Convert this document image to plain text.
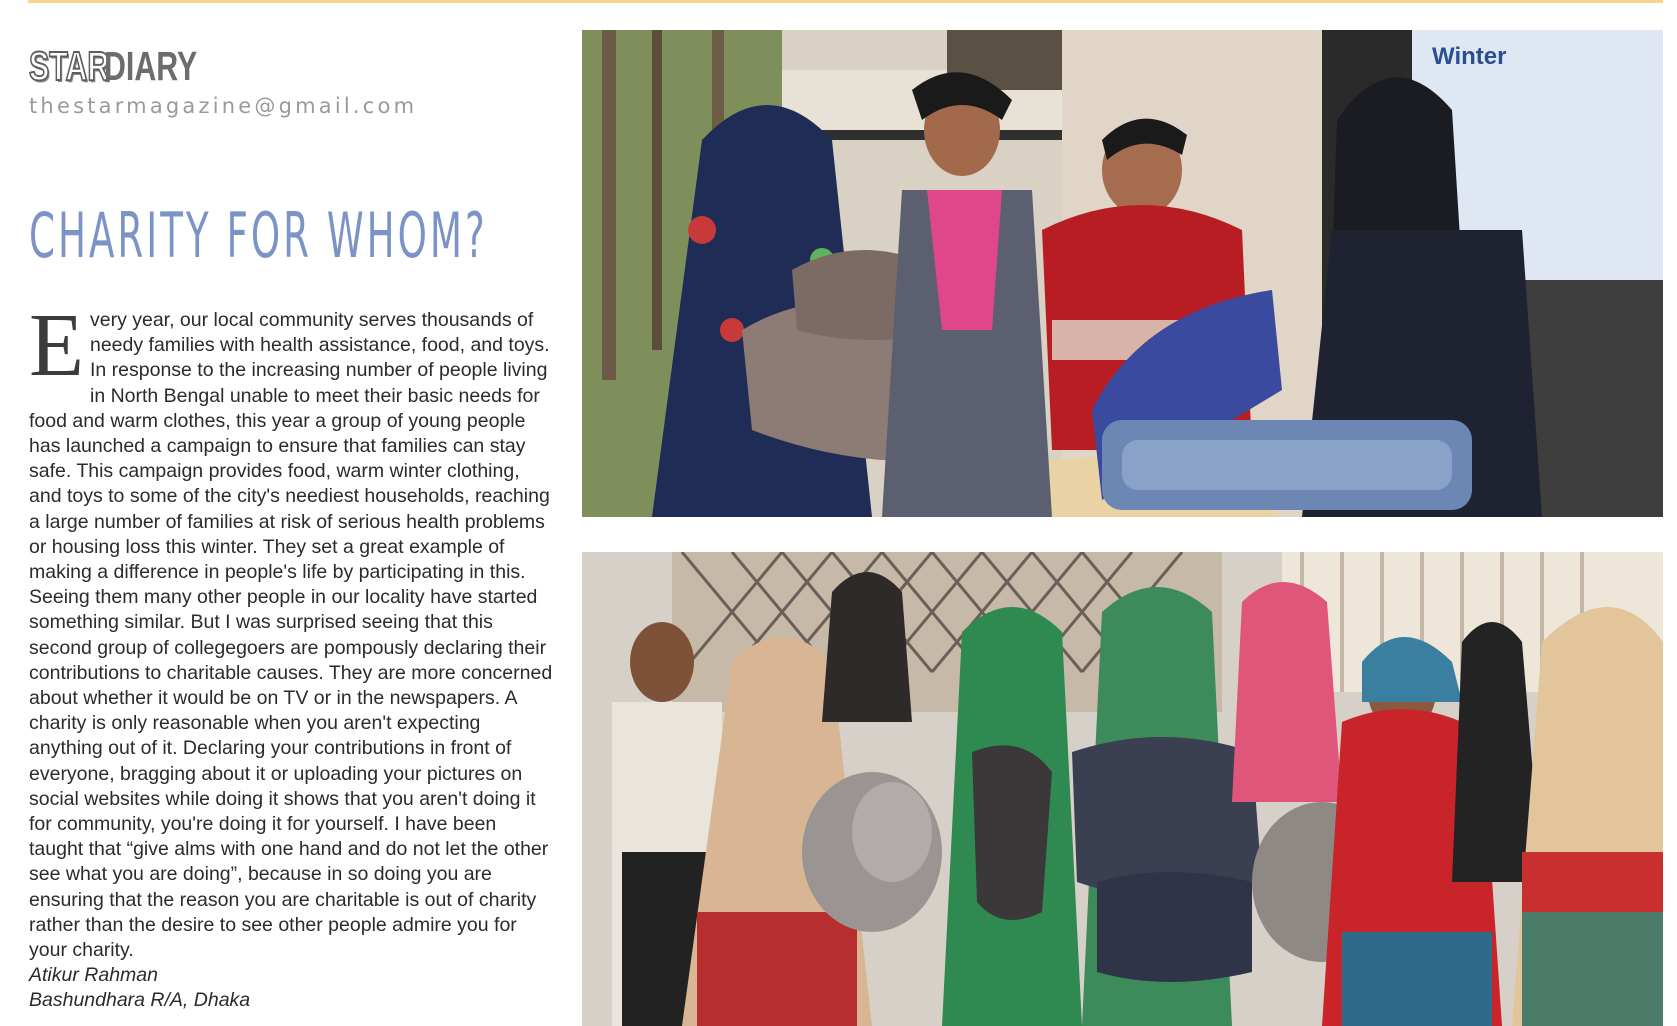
STARDIARY
thestarmagazine@gmail.com
CHARITY FOR WHOM?

Every year, our local community serves thousands of needy families with health assistance, food, and toys. In response to the increasing number of people living in North Bengal unable to meet their basic needs for food and warm clothes, this year a group of young people has launched a campaign to ensure that families can stay safe. This campaign provides food, warm winter clothing, and toys to some of the city's neediest households, reaching a large number of families at risk of serious health problems or housing loss this winter. They set a great example of making a difference in people's life by participating in this. Seeing them many other people in our locality have started something similar. But I was surprised seeing that this second group of collegegoers are pompously declaring their contributions to charitable causes. They are more concerned about whether it would be on TV or in the newspapers. A charity is only reasonable when you aren't expecting anything out of it. Declaring your contributions in front of everyone, bragging about it or uploading your pictures on social websites while doing it shows that you aren't doing it for community, you're doing it for yourself. I have been taught that “give alms with one hand and do not let the other see what you are doing”, because in so doing you are ensuring that the reason you are charitable is out of charity rather than the desire to see other people admire you for your charity.

Atikur Rahman
Bashundhara R/A, Dhaka
Winter
